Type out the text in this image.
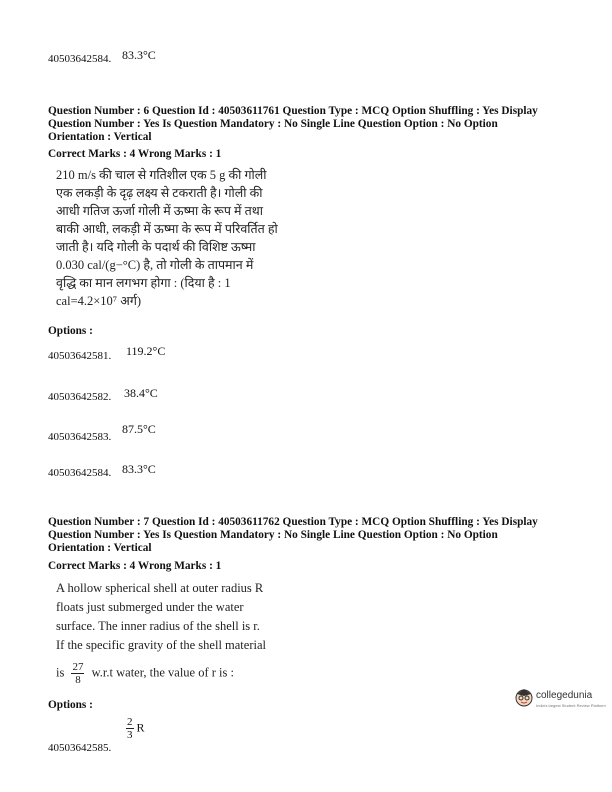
40503642584. 83.3°C
Question Number : 6 Question Id : 40503611761 Question Type : MCQ Option Shuffling : Yes Display
Question Number : Yes Is Question Mandatory : No Single Line Question Option : No Option
Orientation : Vertical
Correct Marks : 4 Wrong Marks : 1

210 m/s की चाल से गतिशील एक 5 g की गोली

एक लकड़ी के दृढ़ लक्ष्य से टकराती है। गोली की

आधी गतिज ऊर्जा गोली में ऊष्मा के रूप में तथा

बाकी आधी, लकड़ी में ऊष्मा के रूप में परिवर्तित हो

जाती है। यदि गोली के पदार्थ की विशिष्ट ऊष्मा

0.030 cal/(g−°C) है, तो गोली के तापमान में

वृद्धि का मान लगभग होगा : (दिया है : 1

cal=4.2×10⁷ अर्ग)

Options :
40503642581. 119.2°C
40503642582. 38.4°C
40503642583.
87.5°C
40503642584. 83.3°C
Question Number : 7 Question Id : 40503611762 Question Type : MCQ Option Shuffling : Yes Display
Question Number : Yes Is Question Mandatory : No Single Line Question Option : No Option
Orientation : Vertical
Correct Marks : 4 Wrong Marks : 1

A hollow spherical shell at outer radius R

floats just submerged under the water

surface. The inner radius of the shell is r.

If the specific gravity of the shell material

is $\frac{27}{8} w.r.t$ water, the value of r is :

Options :
$\frac{2}{3}$ R
40503642585.
collegedunia
India's largest Student Review Platform
